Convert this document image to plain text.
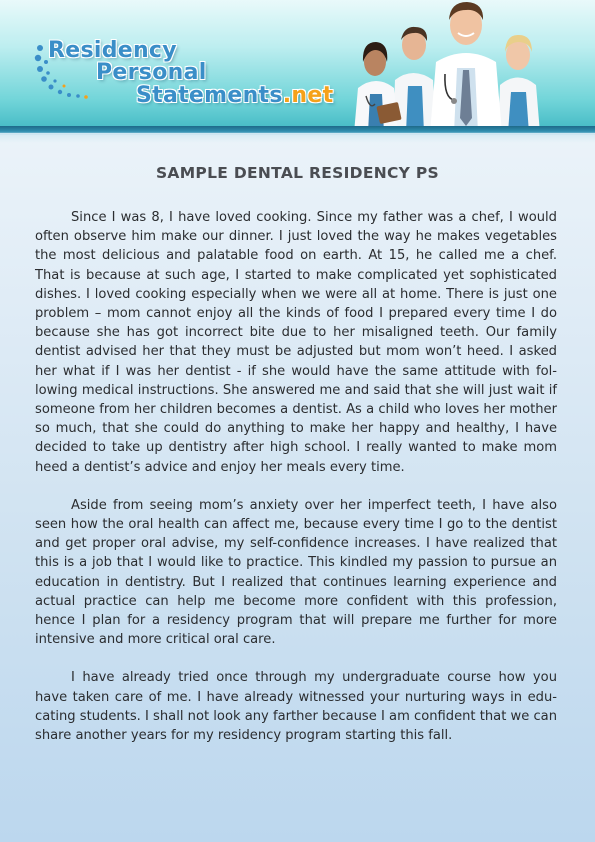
Residency
Personal
Statements.net
SAMPLE DENTAL RESIDENCY PS

Since I was 8, I have loved cooking. Since my father was a chef, I would often observe him make our dinner. I just loved the way he makes vegetables the most delicious and palatable food on earth. At 15, he called me a chef. That is because at such age, I started to make complicated yet sophisticated dishes. I loved cooking especially when we were all at home. There is just one problem – mom cannot enjoy all the kinds of food I prepared every time I do because she has got incorrect bite due to her misaligned teeth. Our family dentist advised her that they must be adjusted but mom won’t heed. I asked her what if I was her dentist - if she would have the same attitude with following medical instructions. She answered me and said that she will just wait if someone from her children becomes a dentist. As a child who loves her mother so much, that she could do anything to make her happy and healthy, I have decided to take up dentistry after high school. I really wanted to make mom heed a dentist’s advice and enjoy her meals every time.

Aside from seeing mom’s anxiety over her imperfect teeth, I have also seen how the oral health can affect me, because every time I go to the dentist and get proper oral advise, my self-confidence increases. I have realized that this is a job that I would like to practice. This kindled my passion to pursue an education in dentistry. But I realized that continues learning experience and actual practice can help me become more confident with this profession, hence I plan for a residency program that will prepare me further for more intensive and more critical oral care.

I have already tried once through my undergraduate course how you have taken care of me. I have already witnessed your nurturing ways in educating students. I shall not look any farther because I am confident that we can share another years for my residency program starting this fall.
